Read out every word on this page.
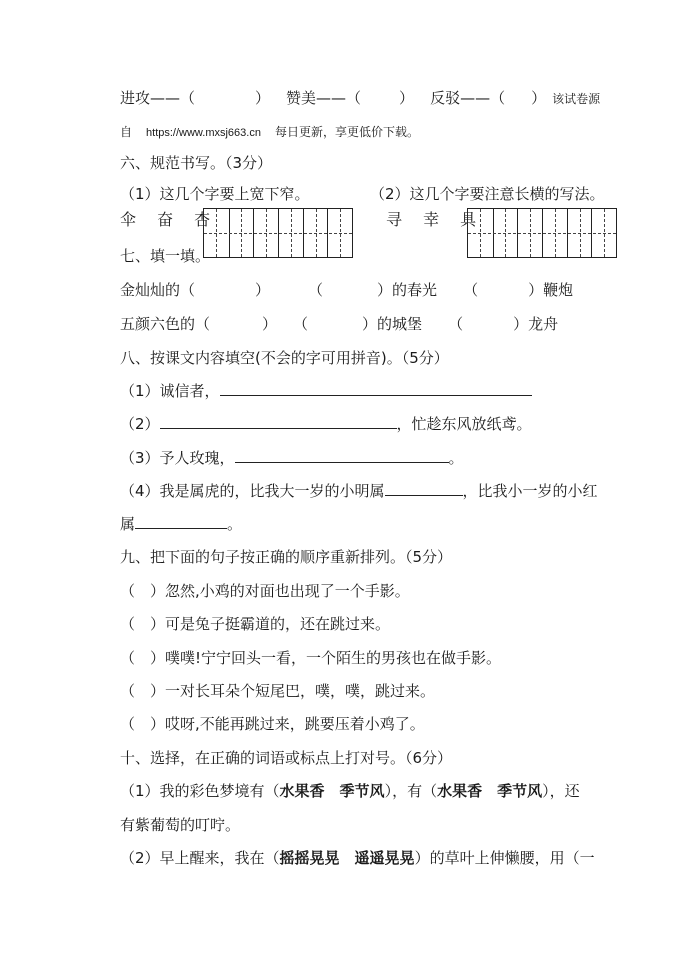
进攻——（	） 赞美——（	） 反驳——（ ） 该试卷源
自 https://www.mxsj663.cn 每日更新，享更低价下载。
六、规范书写。（3分）
（1）这几个字要上宽下窄。	（2）这几个字要注意长横的写法。
伞 奋 杏	寻 幸 具
七、填一填。
金灿灿的（	）	（	）的春光 （	）鞭炮
五颜六色的（	） （	）的城堡 （	）龙舟
八、按课文内容填空(不会的字可用拼音)。（5分）
（1）诚信者，
（2）	，忙趁东风放纸鸢。
（3）予人玫瑰，	。
（4）我是属虎的，比我大一岁的小明属	，比我小一岁的小红
属	。
九、把下面的句子按正确的顺序重新排列。（5分）
（　）忽然,小鸡的对面也出现了一个手影。
（　）可是兔子挺霸道的，还在跳过来。
（　）噗噗!宁宁回头一看，一个陌生的男孩也在做手影。
（　）一对长耳朵个短尾巴，噗，噗，跳过来。
（　）哎呀,不能再跳过来，跳要压着小鸡了。
十、选择，在正确的词语或标点上打对号。（6分）
（1）我的彩色梦境有（水果香　季节风），有（水果香　季节风），还
有紫葡萄的叮咛。
（2）早上醒来，我在（摇摇晃晃　遥遥晃晃）的草叶上伸懒腰，用（一
